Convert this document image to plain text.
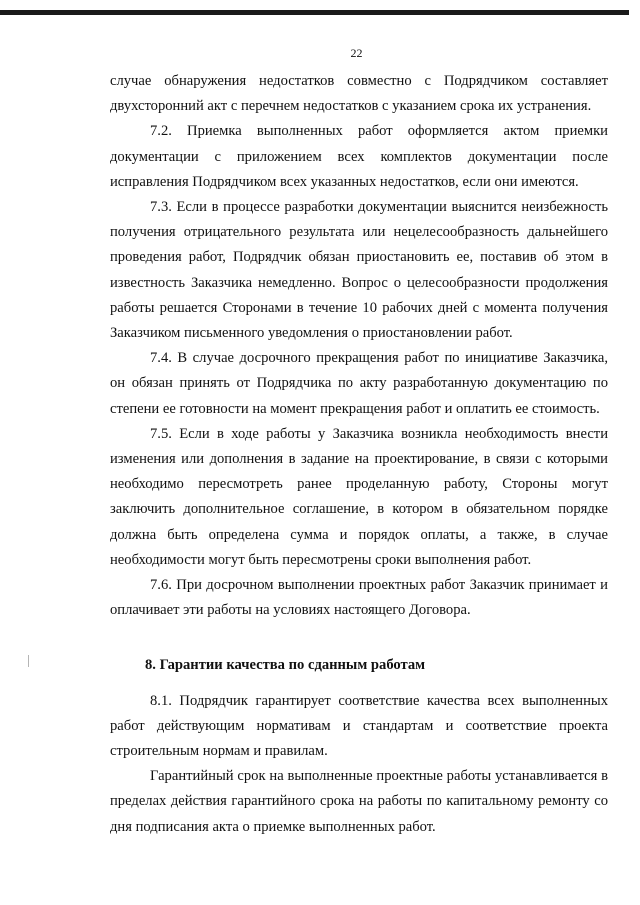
22

случае обнаружения недостатков совместно с Подрядчиком составляет двухсторонний акт с перечнем недостатков с указанием срока их устранения.

7.2. Приемка выполненных работ оформляется актом приемки документации с приложением всех комплектов документации после исправления Подрядчиком всех указанных недостатков, если они имеются.

7.3. Если в процессе разработки документации выяснится неизбежность получения отрицательного результата или нецелесообразность дальнейшего проведения работ, Подрядчик обязан приостановить ее, поставив об этом в известность Заказчика немедленно. Вопрос о целесообразности продолжения работы решается Сторонами в течение 10 рабочих дней с момента получения Заказчиком письменного уведомления о приостановлении работ.

7.4. В случае досрочного прекращения работ по инициативе Заказчика, он обязан принять от Подрядчика по акту разработанную документацию по степени ее готовности на момент прекращения работ и оплатить ее стоимость.

7.5. Если в ходе работы у Заказчика возникла необходимость внести изменения или дополнения в задание на проектирование, в связи с которыми необходимо пересмотреть ранее проделанную работу, Стороны могут заключить дополнительное соглашение, в котором в обязательном порядке должна быть определена сумма и порядок оплаты, а также, в случае необходимости могут быть пересмотрены сроки выполнения работ.

7.6. При досрочном выполнении проектных работ Заказчик принимает и оплачивает эти работы на условиях настоящего Договора.

8. Гарантии качества по сданным работам

8.1. Подрядчик гарантирует соответствие качества всех выполненных работ действующим нормативам и стандартам и соответствие проекта строительным нормам и правилам.

Гарантийный срок на выполненные проектные работы устанавливается в пределах действия гарантийного срока на работы по капитальному ремонту со дня подписания акта о приемке выполненных работ.
